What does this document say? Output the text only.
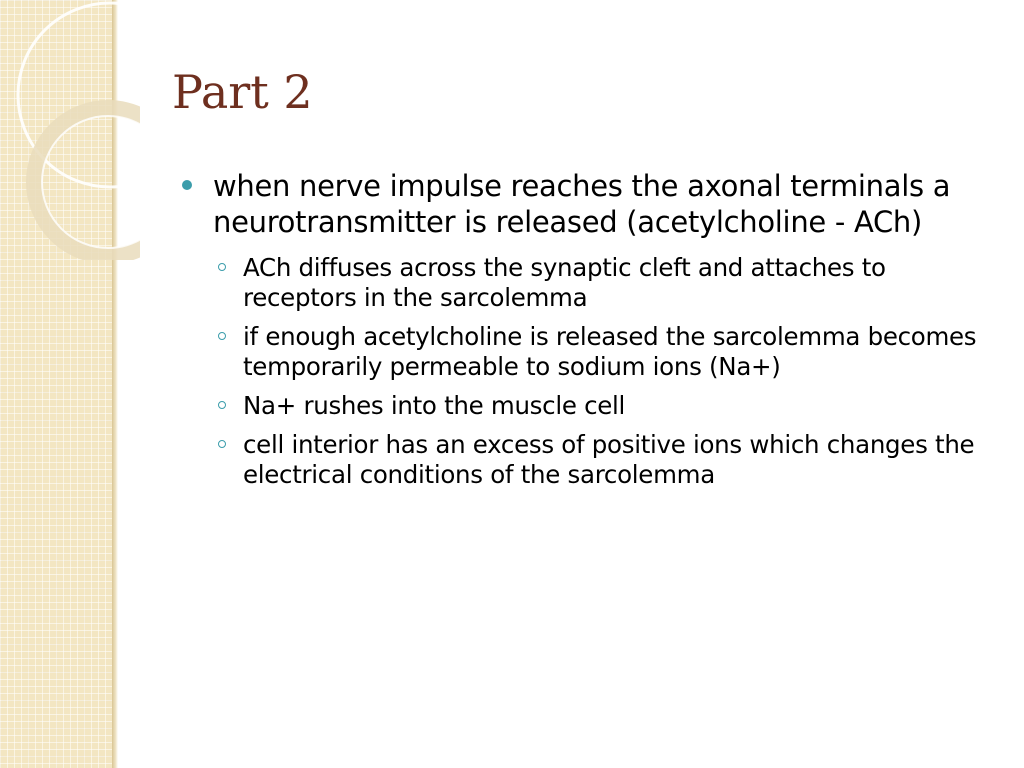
Part 2
when nerve impulse reaches the axonal terminals a neurotransmitter is released (acetylcholine - ACh)
ACh diffuses across the synaptic cleft and attaches to receptors in the sarcolemma
if enough acetylcholine is released the sarcolemma becomes temporarily permeable to sodium ions (Na+)
Na+ rushes into the muscle cell
cell interior has an excess of positive ions which changes the electrical conditions of the sarcolemma
